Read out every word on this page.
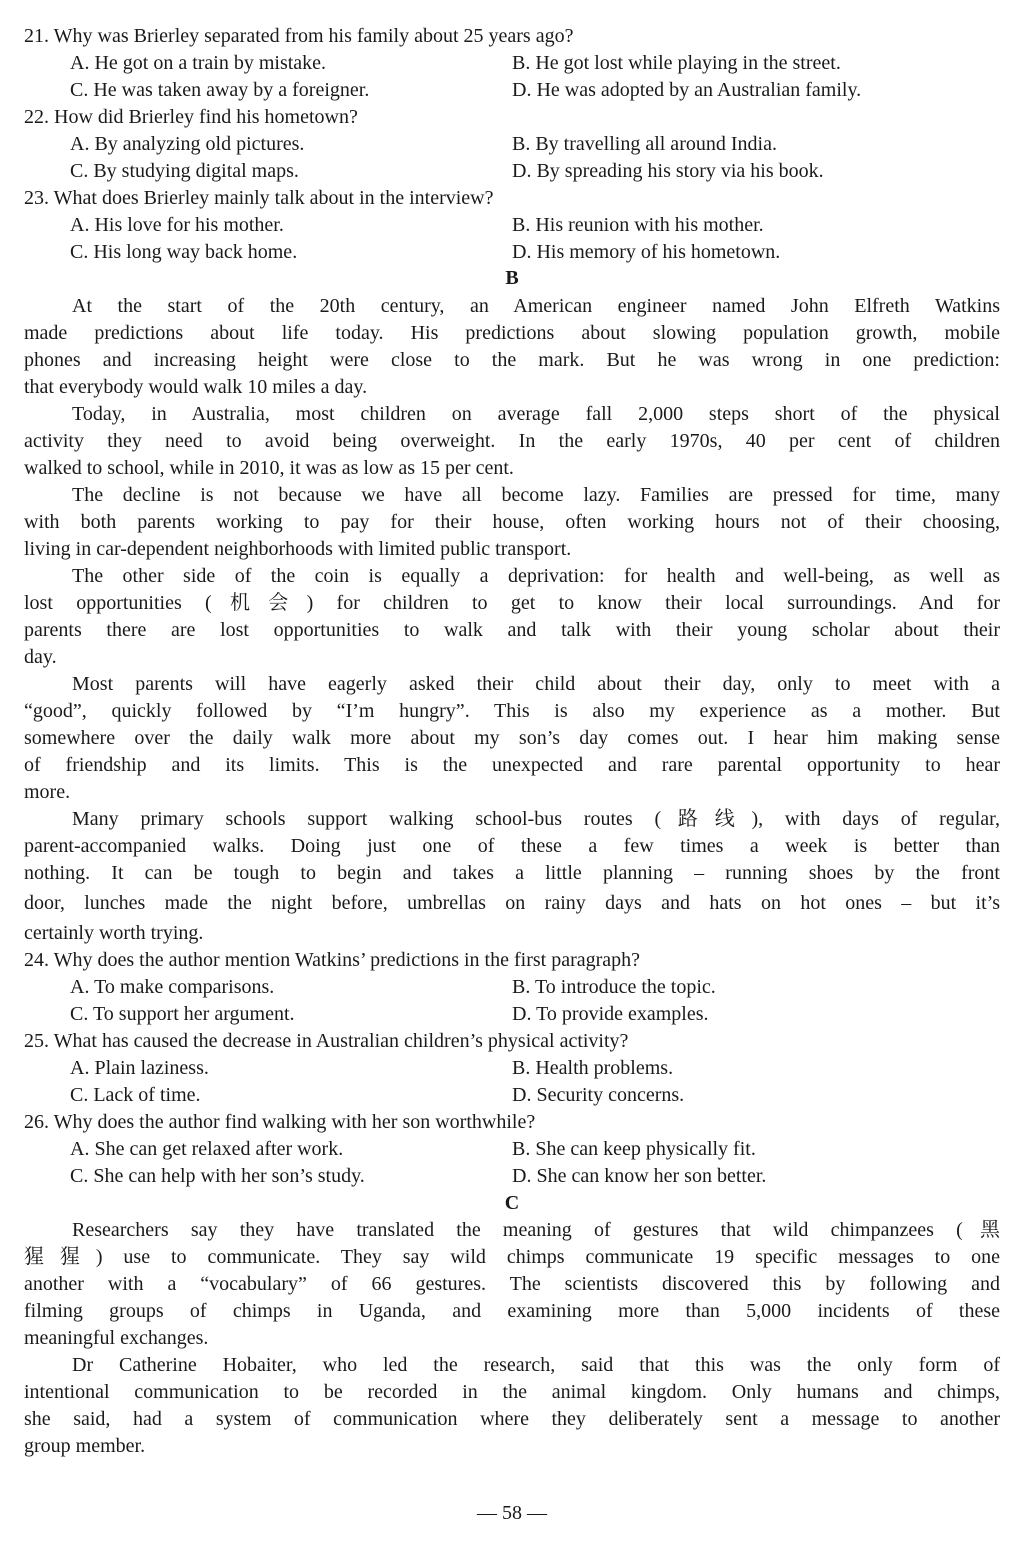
21. Why was Brierley separated from his family about 25 years ago?
A. He got on a train by mistake.	B. He got lost while playing in the street.
C. He was taken away by a foreigner.	D. He was adopted by an Australian family.
22. How did Brierley find his hometown?
A. By analyzing old pictures.	B. By travelling all around India.
C. By studying digital maps.	D. By spreading his story via his book.
23. What does Brierley mainly talk about in the interview?
A. His love for his mother.	B. His reunion with his mother.
C. His long way back home.	D. His memory of his hometown.
B
At the start of the 20th century, an American engineer named John Elfreth Watkins
made predictions about life today. His predictions about slowing population growth, mobile
phones and increasing height were close to the mark. But he was wrong in one prediction:
that everybody would walk 10 miles a day.
Today, in Australia, most children on average fall 2,000 steps short of the physical
activity they need to avoid being overweight. In the early 1970s, 40 per cent of children
walked to school, while in 2010, it was as low as 15 per cent.
The decline is not because we have all become lazy. Families are pressed for time, many
with both parents working to pay for their house, often working hours not of their choosing,
living in car-dependent neighborhoods with limited public transport.
The other side of the coin is equally a deprivation: for health and well-being, as well as
lost opportunities (机会) for children to get to know their local surroundings. And for
parents there are lost opportunities to walk and talk with their young scholar about their
day.
Most parents will have eagerly asked their child about their day, only to meet with a
“good”, quickly followed by “I’m hungry”. This is also my experience as a mother. But
somewhere over the daily walk more about my son’s day comes out. I hear him making sense
of friendship and its limits. This is the unexpected and rare parental opportunity to hear
more.
Many primary schools support walking school-bus routes (路线), with days of regular,
parent-accompanied walks. Doing just one of these a few times a week is better than
nothing. It can be tough to begin and takes a little planning – running shoes by the front
door, lunches made the night before, umbrellas on rainy days and hats on hot ones – but it’s
certainly worth trying.
24. Why does the author mention Watkins’ predictions in the first paragraph?
A. To make comparisons.	B. To introduce the topic.
C. To support her argument.	D. To provide examples.
25. What has caused the decrease in Australian children’s physical activity?
A. Plain laziness.	B. Health problems.
C. Lack of time.	D. Security concerns.
26. Why does the author find walking with her son worthwhile?
A. She can get relaxed after work.	B. She can keep physically fit.
C. She can help with her son’s study.	D. She can know her son better.
C
Researchers say they have translated the meaning of gestures that wild chimpanzees (黑
猩猩) use to communicate. They say wild chimps communicate 19 specific messages to one
another with a “vocabulary” of 66 gestures. The scientists discovered this by following and
filming groups of chimps in Uganda, and examining more than 5,000 incidents of these
meaningful exchanges.
Dr Catherine Hobaiter, who led the research, said that this was the only form of
intentional communication to be recorded in the animal kingdom. Only humans and chimps,
she said, had a system of communication where they deliberately sent a message to another
group member.
— 58 —
